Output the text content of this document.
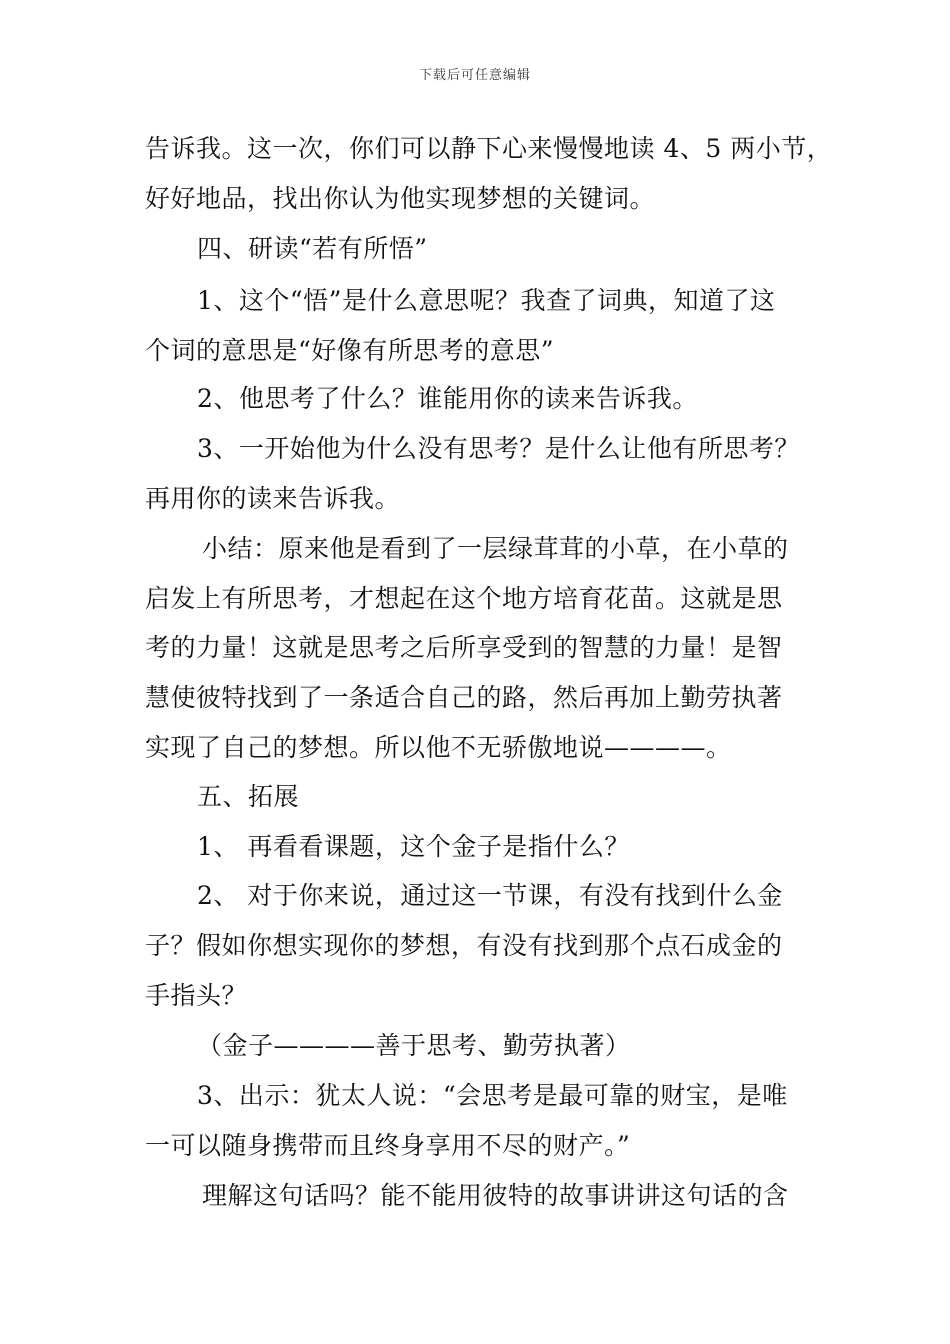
下载后可任意编辑
告诉我。这一次，你们可以静下心来慢慢地读 4、5 两小节，
好好地品，找出你认为他实现梦想的关键词。
四、研读“若有所悟”
1、这个“悟”是什么意思呢？我查了词典，知道了这
个词的意思是“好像有所思考的意思”
2、他思考了什么？谁能用你的读来告诉我。
3、一开始他为什么没有思考？是什么让他有所思考？
再用你的读来告诉我。
小结：原来他是看到了一层绿茸茸的小草，在小草的
启发上有所思考，才想起在这个地方培育花苗。这就是思
考的力量！这就是思考之后所享受到的智慧的力量！是智
慧使彼特找到了一条适合自己的路，然后再加上勤劳执著
实现了自己的梦想。所以他不无骄傲地说————。
五、拓展
1、 再看看课题，这个金子是指什么？
2、 对于你来说，通过这一节课，有没有找到什么金
子？假如你想实现你的梦想，有没有找到那个点石成金的
手指头？
（金子————善于思考、勤劳执著）
3、出示：犹太人说：“会思考是最可靠的财宝，是唯
一可以随身携带而且终身享用不尽的财产。”
理解这句话吗？能不能用彼特的故事讲讲这句话的含
